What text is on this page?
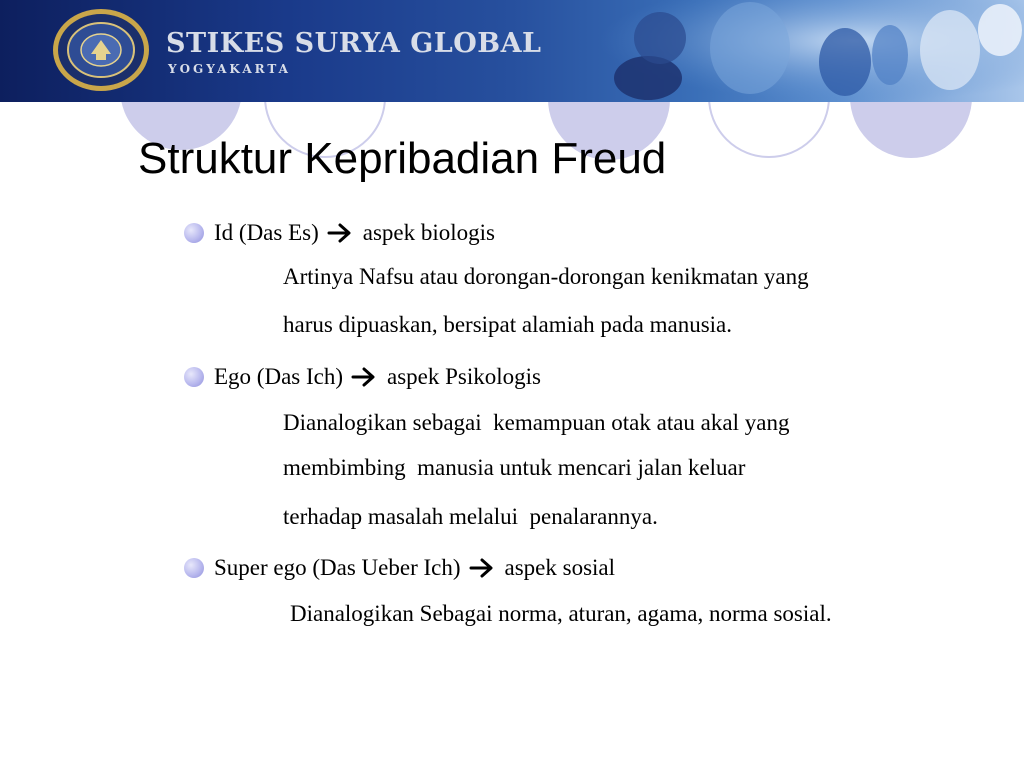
STIKES SURYA GLOBAL
YOGYAKARTA
Struktur Kepribadian Freud
Id (Das Es) aspek biologis
Artinya Nafsu atau dorongan-dorongan kenikmatan yang
harus dipuaskan, bersipat alamiah pada manusia.
Ego (Das Ich) aspek Psikologis
Dianalogikan sebagai  kemampuan otak atau akal yang
membimbing  manusia untuk mencari jalan keluar
terhadap masalah melalui  penalarannya.
Super ego (Das Ueber Ich) aspek sosial
Dianalogikan Sebagai norma, aturan, agama, norma sosial.
